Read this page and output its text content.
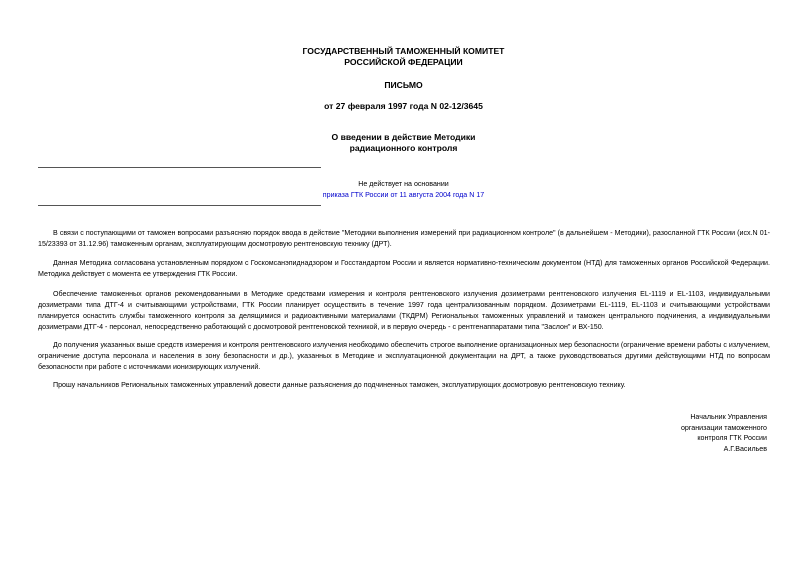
ГОСУДАРСТВЕННЫЙ ТАМОЖЕННЫЙ КОМИТЕТ
РОССИЙСКОЙ ФЕДЕРАЦИИ
ПИСЬМО
от 27 февраля 1997 года N 02-12/3645
О введении в действие Методики
радиационного контроля
Не действует на основании
приказа ГТК России от 11 августа 2004 года N 17

В связи с поступающими от таможен вопросами разъясняю порядок ввода в действие "Методики выполнения измерений при радиационном контроле" (в дальнейшем - Методики), разосланной ГТК России (исх.N 01-15/23393 от 31.12.96) таможенным органам, эксплуатирующим досмотровую рентгеновскую технику (ДРТ).

Данная Методика согласована установленным порядком с Госкомсанэпиднадзором и Госстандартом России и является нормативно-техническим документом (НТД) для таможенных органов Российской Федерации. Методика действует с момента ее утверждения ГТК России.

Обеспечение таможенных органов рекомендованными в Методике средствами измерения и контроля рентгеновского излучения дозиметрами рентгеновского излучения EL-1119 и EL-1103, индивидуальными дозиметрами типа ДТГ-4 и считывающими устройствами, ГТК России планирует осуществить в течение 1997 года централизованным порядком. Дозиметрами EL-1119, EL-1103 и считывающими устройствами планируется оснастить службы таможенного контроля за делящимися и радиоактивными материалами (ТКДРМ) Региональных таможенных управлений и таможен центрального подчинения, а индивидуальными дозиметрами ДТГ-4 - персонал, непосредственно работающий с досмотровой рентгеновской техникой, и в первую очередь - с рентгенаппаратами типа "Заслон" и ВХ-150.

До получения указанных выше средств измерения и контроля рентгеновского излучения необходимо обеспечить строгое выполнение организационных мер безопасности (ограничение времени работы с излучением, ограничение доступа персонала и населения в зону безопасности и др.), указанных в Методике и эксплуатационной документации на ДРТ, а также руководствоваться другими действующими НТД по вопросам безопасности при работе с источниками ионизирующих излучений.

Прошу начальников Региональных таможенных управлений довести данные разъяснения до подчиненных таможен, эксплуатирующих досмотровую рентгеновскую технику.

Начальник Управления
организации таможенного
контроля ГТК России
А.Г.Васильев
